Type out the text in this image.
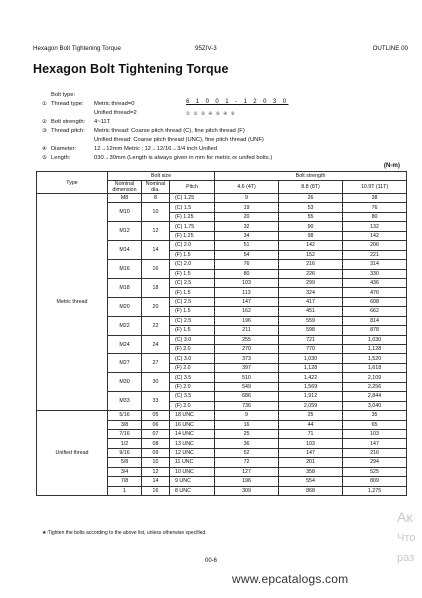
Hexagon Bolt Tightening Torque	95ZIV-3	OUTLINE 00
Hexagon Bolt Tightening Torque
Bolt type:
① Thread type: Metric thread=0
Unified thread=2
② Bolt strength: 4~11T
③ Thread pitch: Metric thread: Coarse pitch thread (C), fine pitch thread (F)
Unified thread: Coarse pitch thread (UNC), fine pitch thread (UNF)
④ Diameter:	12→12mm Metric ; 12→12/16→3/4 inch Unified
⑤ Length:	030→30mm (Length is always given in mm for metric or unifed bolts.)
6 1 0 0 1 - 1 2 0 3 0
① ② ③ ④ ⑤ ④ ⑤
(N-m)
Type	Bolt size			Bolt strength		
	Nominal dimension	Nominal dia.	Pitch	4.6 (4T)	8.8 (8T)	10.9T (11T)
Metric thread	M8	8	(C) 1.25	9	26	38
	M10	10	(C) 1.5	19	53	76
			(F) 1.25	20	55	80
	M12	12	(C) 1.75	32	90	132
			(F) 1.25	34	98	142
	M14	14	(C) 2.0	51	142	206
			(F) 1.5	54	152	221
	M16	16	(C) 2.0	76	216	314
			(F) 1.5	80	226	330
	M18	18	(C) 2.5	103	299	436
			(F) 1.5	113	324	476
	M20	20	(C) 2.5	147	417	608
			(F) 1.5	162	451	662
	M22	22	(C) 2.5	196	559	814
			(F) 1.5	211	598	878
	M24	24	(C) 3.0	255	721	1,030
			(F) 2.0	270	770	1,128
	M27	27	(C) 3.0	373	1,030	1,520
			(F) 2.0	397	1,128	1,618
	M30	30	(C) 3.5	510	1,422	2,109
			(F) 2.0	549	1,569	2,256
	M33	33	(C) 3.5	686	1,912	2,844
			(F) 2.0	736	2,059	3,040
Unified thread	5/16	05	18 UNC	9	25	35
	3/8	06	16 UNC	16	44	65
	7/16	07	14 UNC	25	71	103
	1/2	08	13 UNC	36	103	147
	9/16	09	12 UNC	52	147	216
	5/8	10	11 UNC	72	201	294
	3/4	12	10 UNC	127	358	525
	7/8	14	9 UNC	196	554	809
	1	16	8 UNC	309	868	1,275
★:Tighten the bolts according to the above list, unless otherwise specified.
00-6
www.epcatalogs.com
Ак
Что
раз
